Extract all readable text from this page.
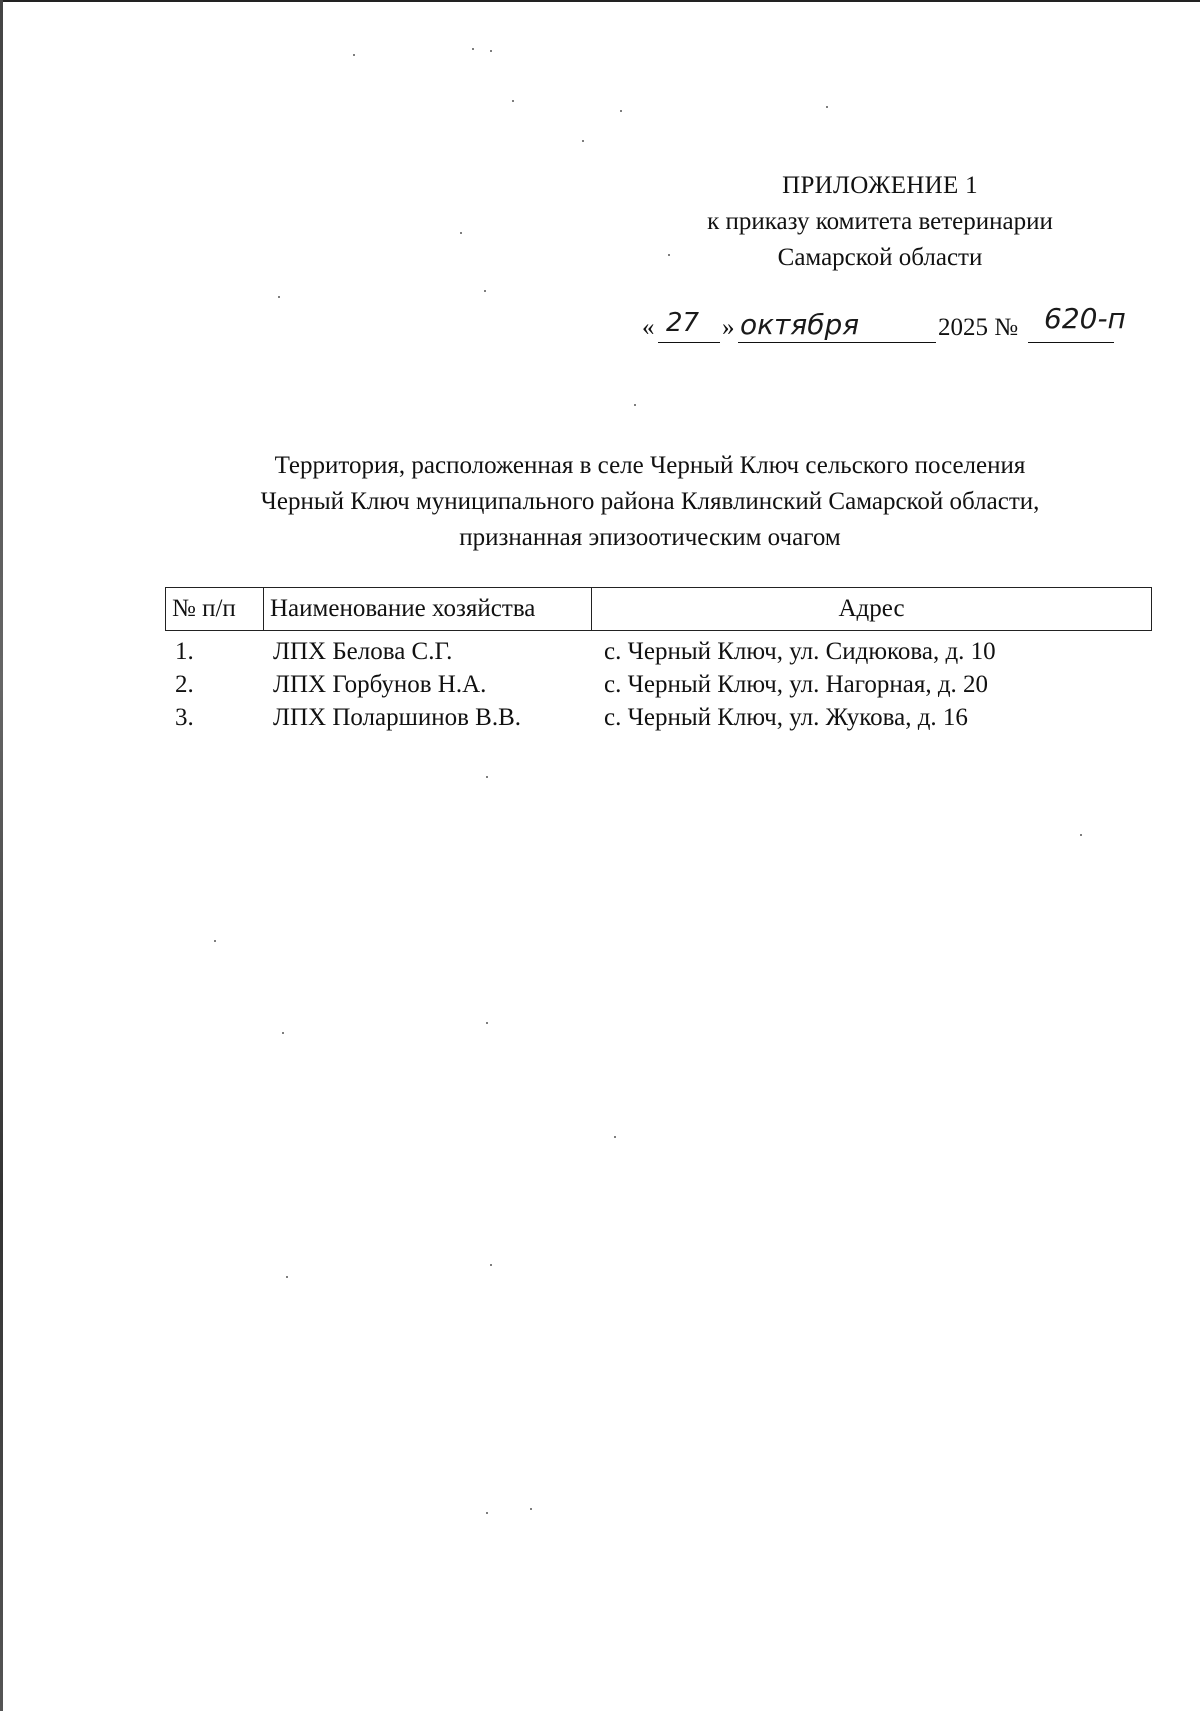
ПРИЛОЖЕНИЕ 1
к приказу комитета ветеринарии
Самарской области
« 27 » октября	2025 № 620-п
Территория, расположенная в селе Черный Ключ сельского поселения
Черный Ключ муниципального района Клявлинский Самарской области,
признанная эпизоотическим очагом
№ п/п	Наименование хозяйства	Адрес
1.	ЛПХ Белова С.Г.	с. Черный Ключ, ул. Сидюкова, д. 10
2.	ЛПХ Горбунов Н.А.	с. Черный Ключ, ул. Нагорная, д. 20
3.	ЛПХ Поларшинов В.В.	с. Черный Ключ, ул. Жукова, д. 16
